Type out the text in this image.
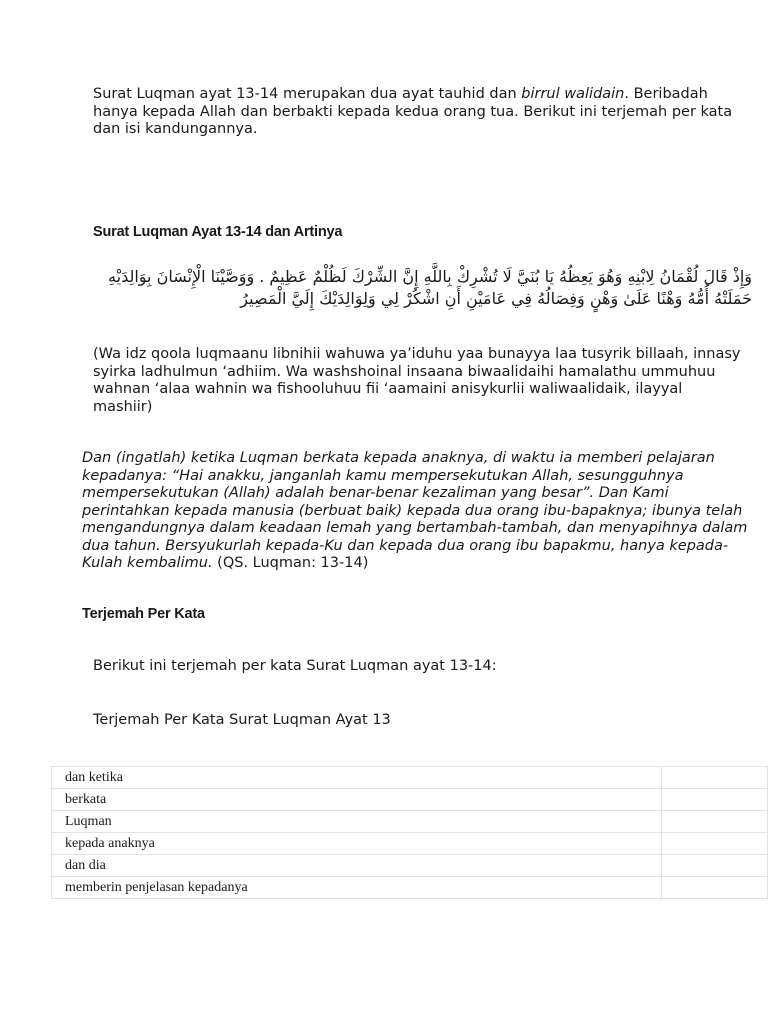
Surat Luqman ayat 13-14 merupakan dua ayat tauhid dan birrul walidain. Beribadah hanya kepada Allah dan berbakti kepada kedua orang tua. Berikut ini terjemah per kata dan isi kandungannya.
Surat Luqman Ayat 13-14 dan Artinya
وَإِذْ قَالَ لُقْمَانُ لِابْنِهِ وَهُوَ يَعِظُهُ يَا بُنَيَّ لَا تُشْرِكْ بِاللَّهِ إِنَّ الشِّرْكَ لَظُلْمٌ عَظِيمٌ . وَوَصَّيْنَا الْإِنْسَانَ بِوَالِدَيْهِ حَمَلَتْهُ أُمُّهُ وَهْنًا عَلَىٰ وَهْنٍ وَفِصَالُهُ فِي عَامَيْنِ أَنِ اشْكُرْ لِي وَلِوَالِدَيْكَ إِلَيَّ الْمَصِيرُ
(Wa idz qoola luqmaanu libnihii wahuwa ya’iduhu yaa bunayya laa tusyrik billaah, innasy syirka ladhulmun ‘adhiim. Wa washshoinal insaana biwaalidaihi hamalathu ummuhuu wahnan ‘alaa wahnin wa fishooluhuu fii ‘aamaini anisykurlii waliwaalidaik, ilayyal mashiir)
Dan (ingatlah) ketika Luqman berkata kepada anaknya, di waktu ia memberi pelajaran kepadanya: “Hai anakku, janganlah kamu mempersekutukan Allah, sesungguhnya mempersekutukan (Allah) adalah benar-benar kezaliman yang besar”. Dan Kami perintahkan kepada manusia (berbuat baik) kepada dua orang ibu-bapaknya; ibunya telah mengandungnya dalam keadaan lemah yang bertambah-tambah, dan menyapihnya dalam dua tahun. Bersyukurlah kepada-Ku dan kepada dua orang ibu bapakmu, hanya kepada-Kulah kembalimu. (QS. Luqman: 13-14)
Terjemah Per Kata
Berikut ini terjemah per kata Surat Luqman ayat 13-14:
Terjemah Per Kata Surat Luqman Ayat 13
dan ketika	
berkata	
Luqman	
kepada anaknya	
dan dia	
memberin penjelasan kepadanya	
